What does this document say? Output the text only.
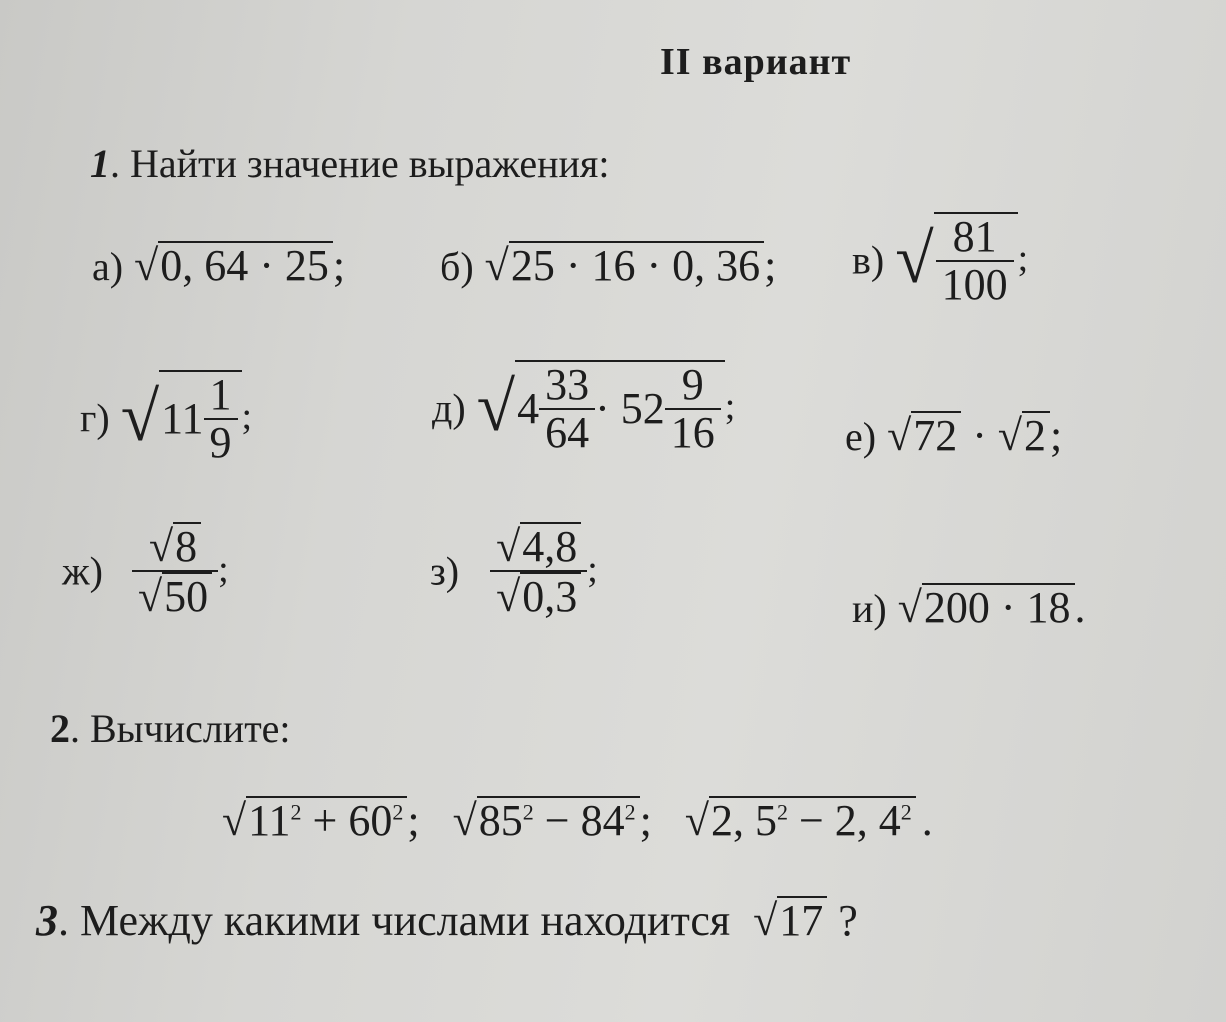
II вариант
1. Найти значение выражения:
а) √0, 64 · 25; б) √25 · 16 · 0, 36; в) √ $\frac{81}{100}$ ;
г) $√11 \frac{1}{9}$ ;	д) $√4 \frac{33}{64} \cdot 52 \frac{9}{16}$ ;
е) √72 · √2;
$ж) \frac{√8}{√50}$ ;	$з) \frac{√4,8}{√0,3}$ ;
и) √200 · 18.
2. Вычислите:
$√11^2 + 60^2$; $√85^2 - 84^2$; √2, $5^2 - 2$, $4^2$ .
3. Между какими числами находится √17 ?
